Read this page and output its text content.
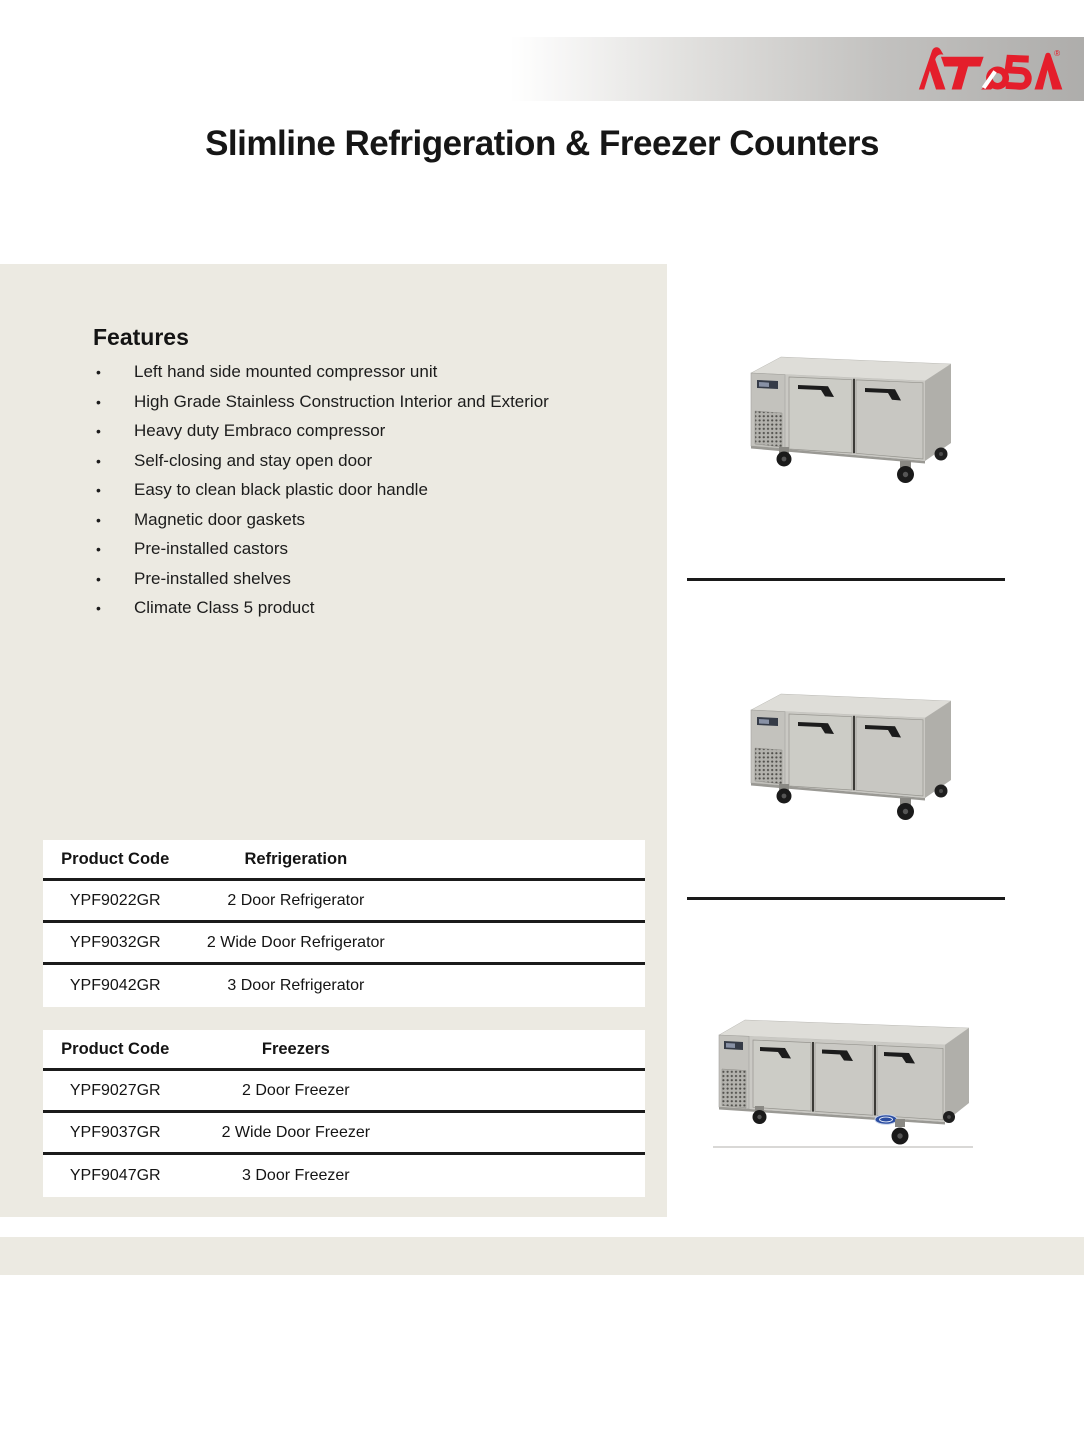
®
Slimline Refrigeration & Freezer Counters
Features
•	Left hand side mounted compressor unit
•	High Grade Stainless Construction Interior and Exterior
•	Heavy duty Embraco compressor
•	Self-closing and stay open door
•	Easy to clean black plastic door handle
•	Magnetic door gaskets
•	Pre-installed castors
•	Pre-installed shelves
•	Climate Class 5 product
Product Code	Refrigeration
YPF9022GR	2 Door Refrigerator
YPF9032GR	2 Wide Door Refrigerator
YPF9042GR	3 Door Refrigerator
Product Code	Freezers
YPF9027GR	2 Door Freezer
YPF9037GR	2 Wide Door Freezer
YPF9047GR	3 Door Freezer
